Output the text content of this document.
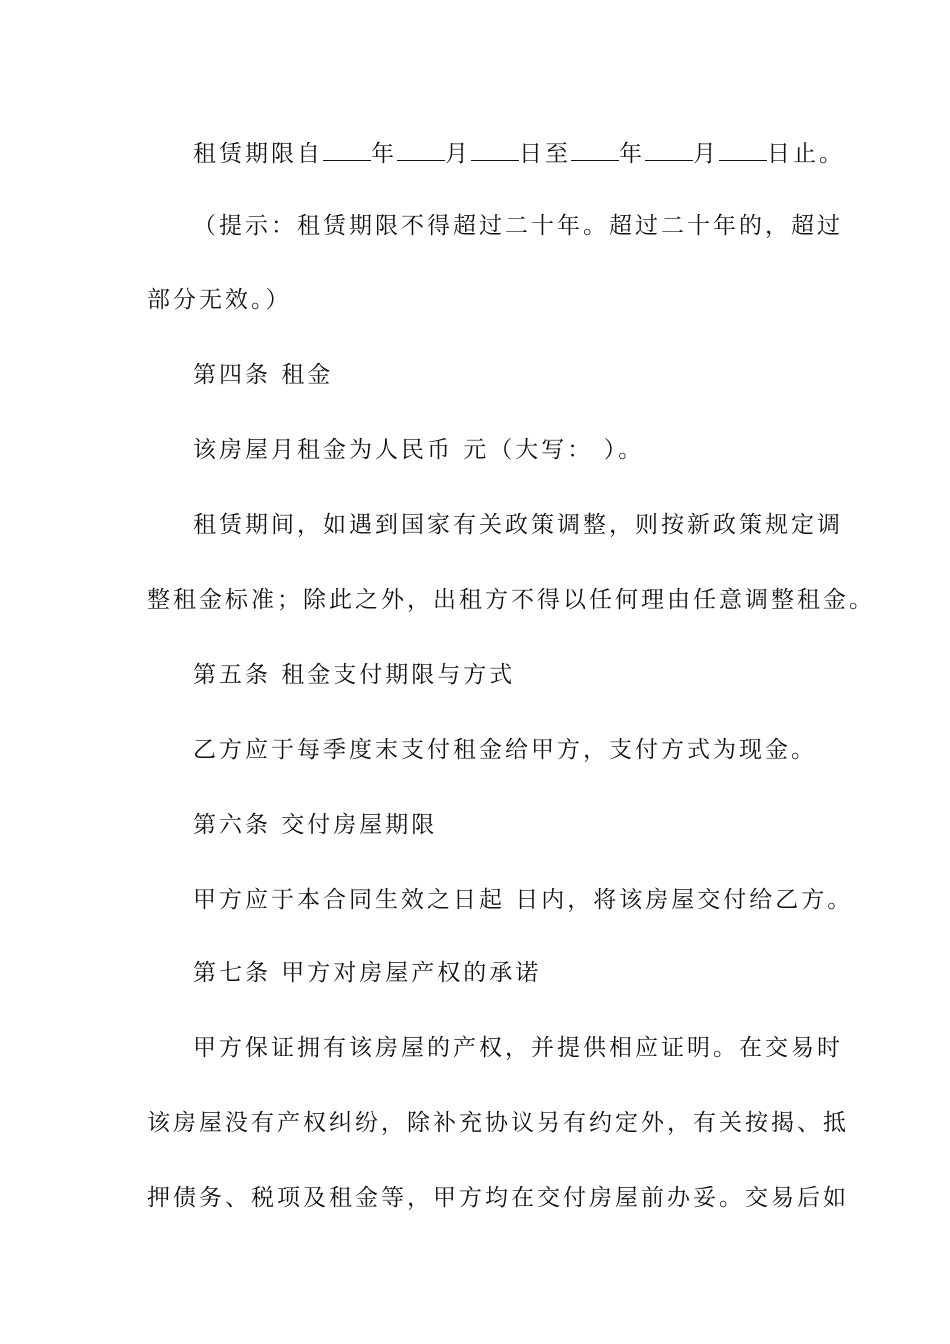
租赁期限自 年 月 日至 年 月 日止。
（提示：租赁期限不得超过二十年。超过二十年的，超过
部分无效。）
第四条 租金
该房屋月租金为人民币 元（大写： ）。
租赁期间，如遇到国家有关政策调整，则按新政策规定调
整租金标准；除此之外，出租方不得以任何理由任意调整租金。
第五条 租金支付期限与方式
乙方应于每季度末支付租金给甲方，支付方式为现金。
第六条 交付房屋期限
甲方应于本合同生效之日起 日内，将该房屋交付给乙方。
第七条 甲方对房屋产权的承诺
甲方保证拥有该房屋的产权，并提供相应证明。在交易时
该房屋没有产权纠纷，除补充协议另有约定外，有关按揭、抵
押债务、税项及租金等，甲方均在交付房屋前办妥。交易后如
